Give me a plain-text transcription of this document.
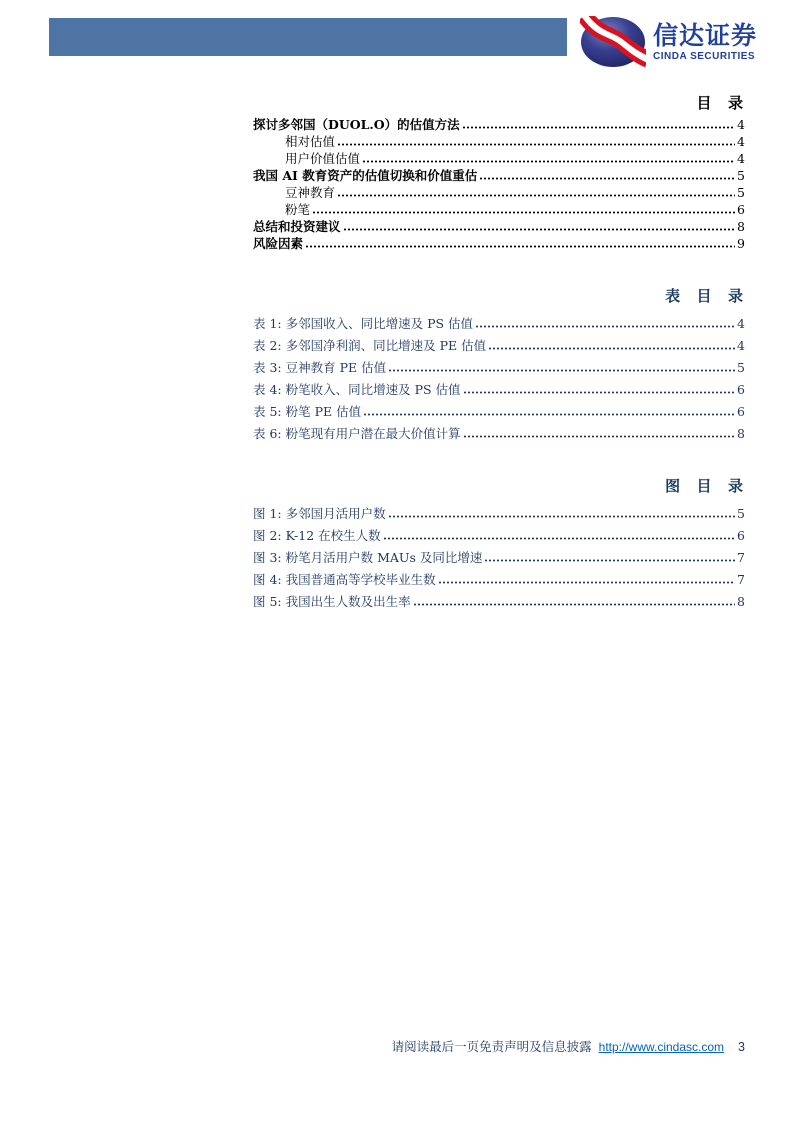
信达证券
CINDA SECURITIES
目  录
探讨多邻国（DUOL.O）的估值方法	4
相对估值	4
用户价值估值	4
我国 AI 教育资产的估值切换和价值重估	5
豆神教育	5
粉笔	6
总结和投资建议	8
风险因素	9
表  目  录
表 1: 多邻国收入、同比增速及 PS 估值	4
表 2: 多邻国净利润、同比增速及 PE 估值	4
表 3: 豆神教育 PE 估值	5
表 4: 粉笔收入、同比增速及 PS 估值	6
表 5: 粉笔 PE 估值	6
表 6: 粉笔现有用户潜在最大价值计算	8
图  目  录
图 1: 多邻国月活用户数	5
图 2: K-12 在校生人数	6
图 3: 粉笔月活用户数 MAUs 及同比增速	7
图 4: 我国普通高等学校毕业生数	7
图 5: 我国出生人数及出生率	8
请阅读最后一页免责声明及信息披露 http://www.cindasc.com 3
